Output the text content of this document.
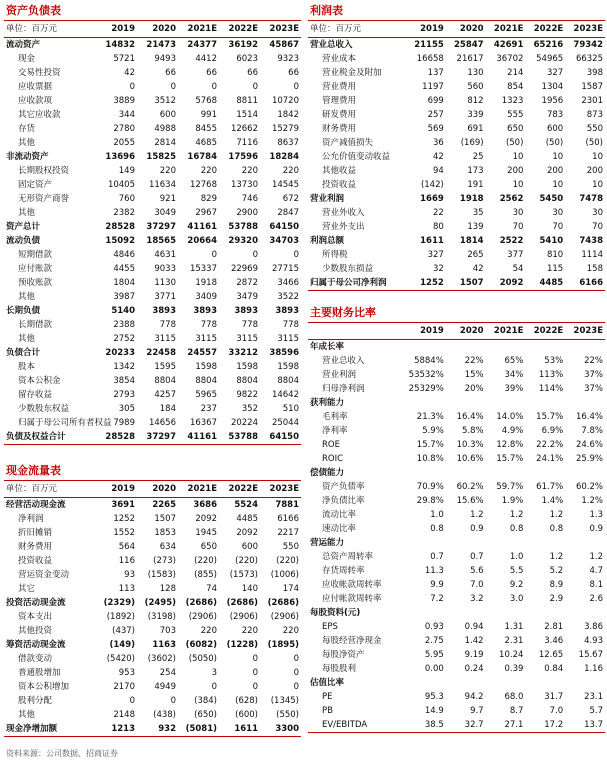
资产负债表
单位：百万元	2019	2020	2021E	2022E	2023E
流动资产	14832	21473	24377	36192	45867
现金	5721	9493	4412	6023	9323
交易性投资	42	66	66	66	66
应收票据	0	0	0	0	0
应收款项	3889	3512	5768	8811	10720
其它应收款	344	600	991	1514	1842
存货	2780	4988	8455	12662	15279
其他	2055	2814	4685	7116	8637
非流动资产	13696	15825	16784	17596	18284
长期股权投资	149	220	220	220	220
固定资产	10405	11634	12768	13730	14545
无形资产商誉	760	921	829	746	672
其他	2382	3049	2967	2900	2847
资产总计	28528	37297	41161	53788	64150
流动负债	15092	18565	20664	29320	34703
短期借款	4846	4631	0	0	0
应付账款	4455	9033	15337	22969	27715
预收账款	1804	1130	1918	2872	3466
其他	3987	3771	3409	3479	3522
长期负债	5140	3893	3893	3893	3893
长期借款	2388	778	778	778	778
其他	2752	3115	3115	3115	3115
负债合计	20233	22458	24557	33212	38596
股本	1342	1595	1598	1598	1598
资本公积金	3854	8804	8804	8804	8804
留存收益	2793	4257	5965	9822	14642
少数股东权益	305	184	237	352	510
归属于母公司所有者权益	7989	14656	16367	20224	25044
负债及权益合计	28528	37297	41161	53788	64150
现金流量表
单位：百万元	2019	2020	2021E	2022E	2023E
经营活动现金流	3691	2265	3686	5524	7881
净利润	1252	1507	2092	4485	6166
折旧摊销	1552	1853	1945	2092	2217
财务费用	564	634	650	600	550
投资收益	116	(273)	(220)	(220)	(220)
营运资金变动	93	(1583)	(855)	(1573)	(1006)
其它	113	128	74	140	174
投资活动现金流	(2329)	(2495)	(2686)	(2686)	(2686)
资本支出	(1892)	(3198)	(2906)	(2906)	(2906)
其他投资	(437)	703	220	220	220
筹资活动现金流	(149)	1163	(6082)	(1228)	(1895)
借款变动	(5420)	(3602)	(5050)	0	0
普通股增加	953	254	3	0	0
资本公积增加	2170	4949	0	0	0
股利分配	0	0	(384)	(628)	(1345)
其他	2148	(438)	(650)	(600)	(550)
现金净增加额	1213	932	(5081)	1611	3300
利润表
单位：百万元	2019	2020	2021E	2022E	2023E
营业总收入	21155	25847	42691	65216	79342
营业成本	16658	21617	36702	54965	66325
营业税金及附加	137	130	214	327	398
营业费用	1197	560	854	1304	1587
管理费用	699	812	1323	1956	2301
研发费用	257	339	555	783	873
财务费用	569	691	650	600	550
资产减值损失	36	(169)	(50)	(50)	(50)
公允价值变动收益	42	25	10	10	10
其他收益	94	173	200	200	200
投资收益	(142)	191	10	10	10
营业利润	1669	1918	2562	5450	7478
营业外收入	22	35	30	30	30
营业外支出	80	139	70	70	70
利润总额	1611	1814	2522	5410	7438
所得税	327	265	377	810	1114
少数股东损益	32	42	54	115	158
归属于母公司净利润	1252	1507	2092	4485	6166
主要财务比率
	2019	2020	2021E	2022E	2023E
年成长率					
营业总收入	5884%	22%	65%	53%	22%
营业利润	53532%	15%	34%	113%	37%
归母净利润	25329%	20%	39%	114%	37%
获利能力					
毛利率	21.3%	16.4%	14.0%	15.7%	16.4%
净利率	5.9%	5.8%	4.9%	6.9%	7.8%
ROE	15.7%	10.3%	12.8%	22.2%	24.6%
ROIC	10.8%	10.6%	15.7%	24.1%	25.9%
偿债能力					
资产负债率	70.9%	60.2%	59.7%	61.7%	60.2%
净负债比率	29.8%	15.6%	1.9%	1.4%	1.2%
流动比率	1.0	1.2	1.2	1.2	1.3
速动比率	0.8	0.9	0.8	0.8	0.9
营运能力					
总资产周转率	0.7	0.7	1.0	1.2	1.2
存货周转率	11.3	5.6	5.5	5.2	4.7
应收帐款周转率	9.9	7.0	9.2	8.9	8.1
应付帐款周转率	7.2	3.2	3.0	2.9	2.6
每股资料(元)					
EPS	0.93	0.94	1.31	2.81	3.86
每股经营净现金	2.75	1.42	2.31	3.46	4.93
每股净资产	5.95	9.19	10.24	12.65	15.67
每股股利	0.00	0.24	0.39	0.84	1.16
估值比率					
PE	95.3	94.2	68.0	31.7	23.1
PB	14.9	9.7	8.7	7.0	5.7
EV/EBITDA	38.5	32.7	27.1	17.2	13.7
资料来源：公司数据、招商证券
